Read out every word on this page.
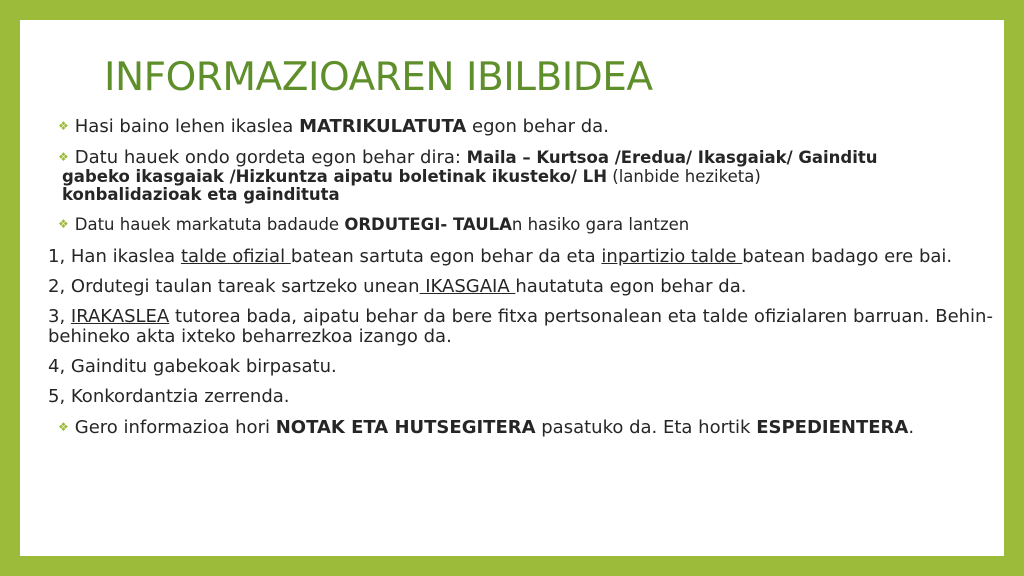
INFORMAZIOAREN IBILBIDEA

❖ Hasi baino lehen ikaslea MATRIKULATUTA egon behar da.

❖ Datu hauek ondo gordeta egon behar dira: Maila – Kurtsoa /Eredua/ Ikasgaiak/ Gainditu
gabeko ikasgaiak /Hizkuntza aipatu boletinak ikusteko/ LH (lanbide heziketa)
konbalidazioak eta gaindituta

❖ Datu hauek markatuta badaude ORDUTEGI- TAULAn hasiko gara lantzen

1, Han ikaslea talde ofizial batean sartuta egon behar da eta inpartizio talde batean badago ere bai.

2, Ordutegi taulan tareak sartzeko unean IKASGAIA hautatuta egon behar da.

3, IRAKASLEA tutorea bada, aipatu behar da bere fitxa pertsonalean eta talde ofizialaren barruan. Behin- behineko akta ixteko beharrezkoa izango da.

4, Gainditu gabekoak birpasatu.

5, Konkordantzia zerrenda.

❖ Gero informazioa hori NOTAK ETA HUTSEGITERA pasatuko da. Eta hortik ESPEDIENTERA.
